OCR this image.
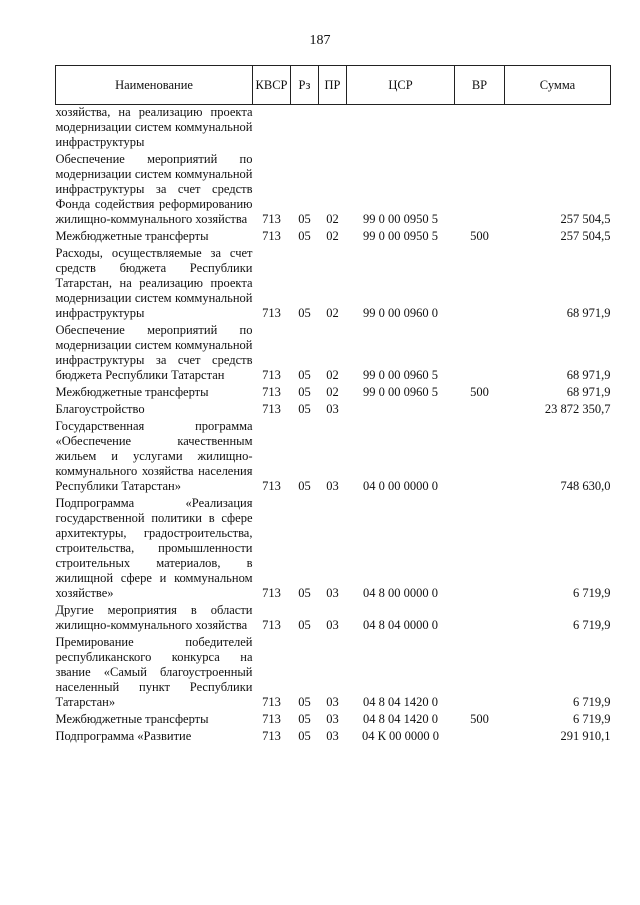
187
Наименование	КВСР	Рз	ПР	ЦСР	ВР	Сумма
хозяйства, на реализацию проекта модернизации систем коммунальной инфраструктуры						
Обеспечение мероприятий по модернизации систем коммунальной инфраструктуры за счет средств Фонда содействия реформированию жилищно-коммунального хозяйства	713	05	02	99 0 00 0950 5		257 504,5
Межбюджетные трансферты	713	05	02	99 0 00 0950 5	500	257 504,5
Расходы, осуществляемые за счет средств бюджета Республики Татарстан, на реализацию проекта модернизации систем коммунальной инфраструктуры	713	05	02	99 0 00 0960 0		68 971,9
Обеспечение мероприятий по модернизации систем коммунальной инфраструктуры за счет средств бюджета Республики Татарстан	713	05	02	99 0 00 0960 5		68 971,9
Межбюджетные трансферты	713	05	02	99 0 00 0960 5	500	68 971,9
Благоустройство	713	05	03			23 872 350,7
Государственная программа «Обеспечение качественным жильем и услугами жилищно-коммунального хозяйства населения Республики Татарстан»	713	05	03	04 0 00 0000 0		748 630,0
Подпрограмма «Реализация государственной политики в сфере архитектуры, градостроительства, строительства, промышленности строительных материалов, в жилищной сфере и коммунальном хозяйстве»	713	05	03	04 8 00 0000 0		6 719,9
Другие мероприятия в области жилищно-коммунального хозяйства	713	05	03	04 8 04 0000 0		6 719,9
Премирование победителей республиканского конкурса на звание «Самый благоустроенный населенный пункт Республики Татарстан»	713	05	03	04 8 04 1420 0		6 719,9
Межбюджетные трансферты	713	05	03	04 8 04 1420 0	500	6 719,9
Подпрограмма «Развитие	713	05	03	04 К 00 0000 0		291 910,1
